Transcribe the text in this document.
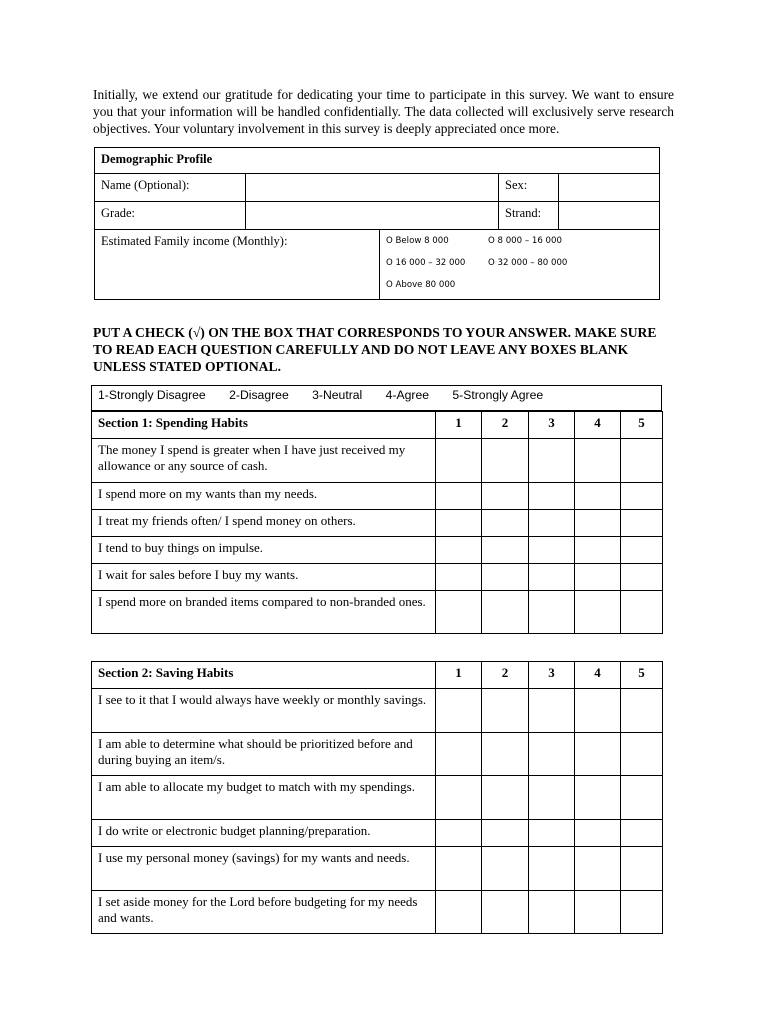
Initially, we extend our gratitude for dedicating your time to participate in this survey. We want to ensure you that your information will be handled confidentially. The data collected will exclusively serve research objectives. Your voluntary involvement in this survey is deeply appreciated once more.

Demographic Profile				
Name (Optional):			Sex:	
Grade:			Strand:	
Estimated Family income (Monthly):		O Below 8 000 O 8 000 – 16 000
O 16 000 – 32 000 O 32 000 – 80 000
O Above 80 000		

PUT A CHECK (√) ON THE BOX THAT CORRESPONDS TO YOUR ANSWER. MAKE SURE TO READ EACH QUESTION CAREFULLY AND DO NOT LEAVE ANY BOXES BLANK UNLESS STATED OPTIONAL.

1-Strongly Disagree 2-Disagree 3-Neutral 4-Agree 5-Strongly Agree
Section 1: Spending Habits	1	2	3	4	5
The money I spend is greater when I have just received my allowance or any source of cash.					
I spend more on my wants than my needs.					
I treat my friends often/ I spend money on others.					
I tend to buy things on impulse.					
I wait for sales before I buy my wants.					
I spend more on branded items compared to non-branded ones.					
Section 2: Saving Habits	1	2	3	4	5
I see to it that I would always have weekly or monthly savings.					
I am able to determine what should be prioritized before and during buying an item/s.					
I am able to allocate my budget to match with my spendings.					
I do write or electronic budget planning/preparation.					
I use my personal money (savings) for my wants and needs.					
I set aside money for the Lord before budgeting for my needs and wants.					
